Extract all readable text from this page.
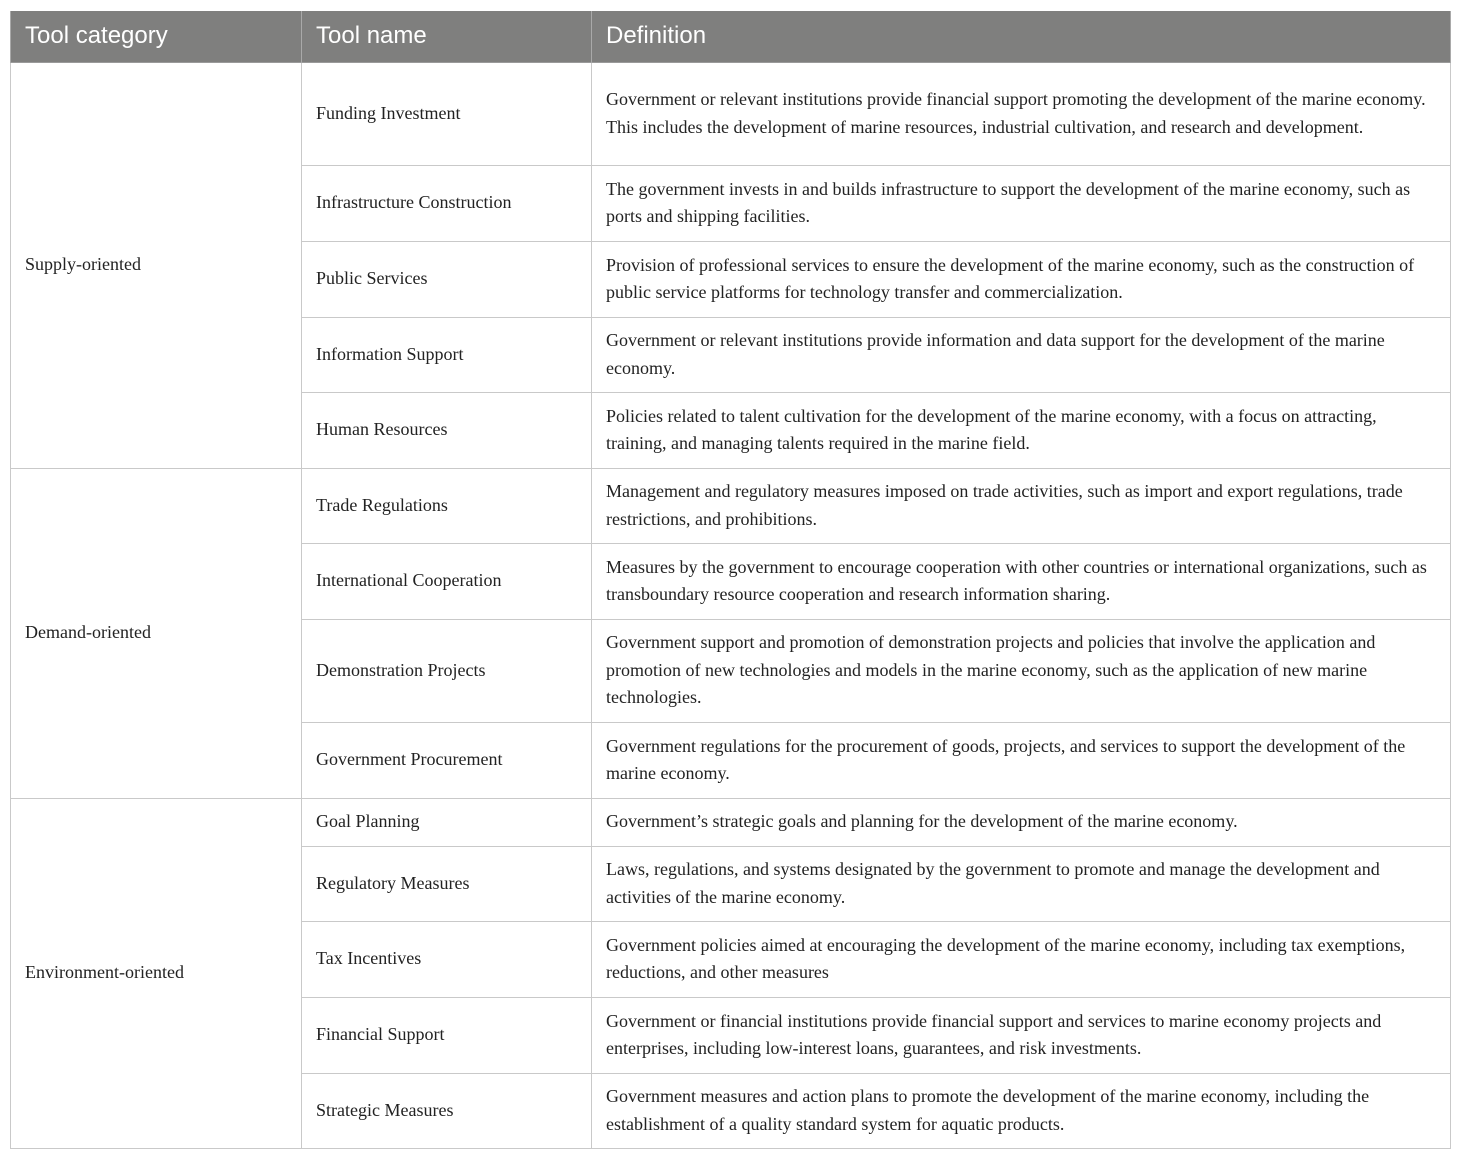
Tool category	Tool name	Definition
Supply-oriented	Funding Investment	Government or relevant institutions provide financial support promoting the development of the marine economy. This includes the development of marine resources, industrial cultivation, and research and development.
	Infrastructure Construction	The government invests in and builds infrastructure to support the development of the marine economy, such as ports and shipping facilities.
	Public Services	Provision of professional services to ensure the development of the marine economy, such as the construction of public service platforms for technology transfer and commercialization.
	Information Support	Government or relevant institutions provide information and data support for the development of the marine economy.
	Human Resources	Policies related to talent cultivation for the development of the marine economy, with a focus on attracting, training, and managing talents required in the marine field.
Demand-oriented	Trade Regulations	Management and regulatory measures imposed on trade activities, such as import and export regulations, trade restrictions, and prohibitions.
	International Cooperation	Measures by the government to encourage cooperation with other countries or international organizations, such as transboundary resource cooperation and research information sharing.
	Demonstration Projects	Government support and promotion of demonstration projects and policies that involve the application and promotion of new technologies and models in the marine economy, such as the application of new marine technologies.
	Government Procurement	Government regulations for the procurement of goods, projects, and services to support the development of the marine economy.
Environment-oriented	Goal Planning	Government’s strategic goals and planning for the development of the marine economy.
	Regulatory Measures	Laws, regulations, and systems designated by the government to promote and manage the development and activities of the marine economy.
	Tax Incentives	Government policies aimed at encouraging the development of the marine economy, including tax exemptions, reductions, and other measures
	Financial Support	Government or financial institutions provide financial support and services to marine economy projects and enterprises, including low-interest loans, guarantees, and risk investments.
	Strategic Measures	Government measures and action plans to promote the development of the marine economy, including the establishment of a quality standard system for aquatic products.
